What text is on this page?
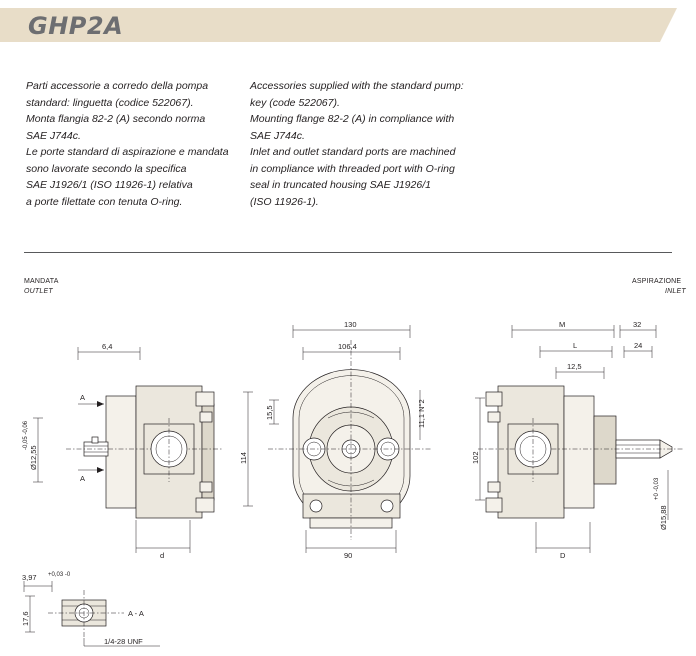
GHP2A
Parti accessorie a corredo della pompa
standard: linguetta (codice 522067).
Monta flangia 82-2 (A) secondo norma
SAE J744c.
Le porte standard di aspirazione e mandata
sono lavorate secondo la specifica
SAE J1926/1 (ISO 11926-1) relativa
a porte filettate con tenuta O-ring.
Accessories supplied with the standard pump:
key (code 522067).
Mounting flange 82-2 (A) in compliance with
SAE J744c.
Inlet and outlet standard ports are machined
in compliance with threaded port with O-ring
seal in truncated housing SAE J1926/1
(ISO 11926-1).
MANDATA
OUTLET
ASPIRAZIONE
INLET
6,4
A
A
Ø12,55
-0,05 -0,06
d
130
106,4
15,5
114
11,1 N°2
90
M	32
L	24
12,5
102
Ø15,88
+0 -0,03
D
3,97 +0,03 -0
17,6	A - A
1/4-28 UNF
